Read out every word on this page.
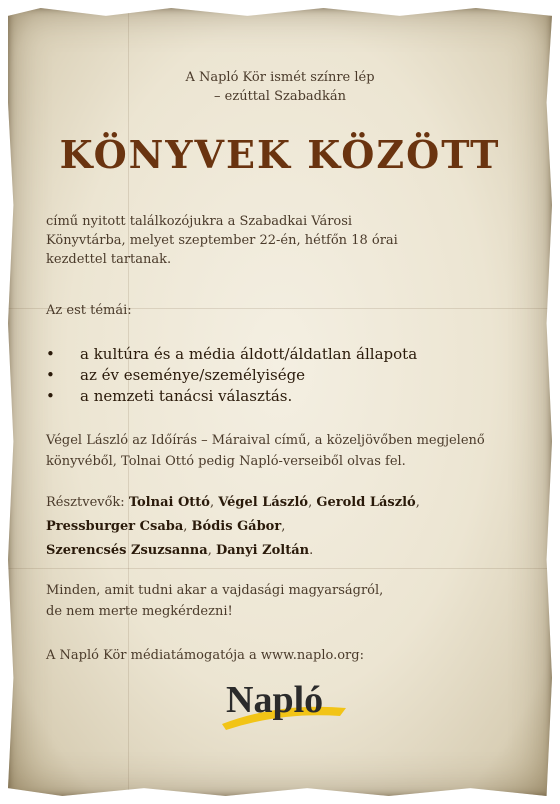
A Napló Kör ismét színre lép
– ezúttal Szabadkán
KÖNYVEK KÖZÖTT
című nyitott találkozójukra a Szabadkai Városi
Könyvtárba, melyet szeptember 22-én, hétfőn 18 órai
kezdettel tartanak.
Az est témái:
• a kultúra és a média áldott/áldatlan állapota
• az év eseménye/személyisége
• a nemzeti tanácsi választás.
Végel László az Időírás – Máraival című, a közeljövőben megjelenő
könyvéből, Tolnai Ottó pedig Napló-verseiből olvas fel.
Résztvevők: Tolnai Ottó, Végel László, Gerold László,
Pressburger Csaba, Bódis Gábor,
Szerencsés Zsuzsanna, Danyi Zoltán.
Minden, amit tudni akar a vajdasági magyarságról,
de nem merte megkérdezni!
A Napló Kör médiatámogatója a www.naplo.org:
Napló
